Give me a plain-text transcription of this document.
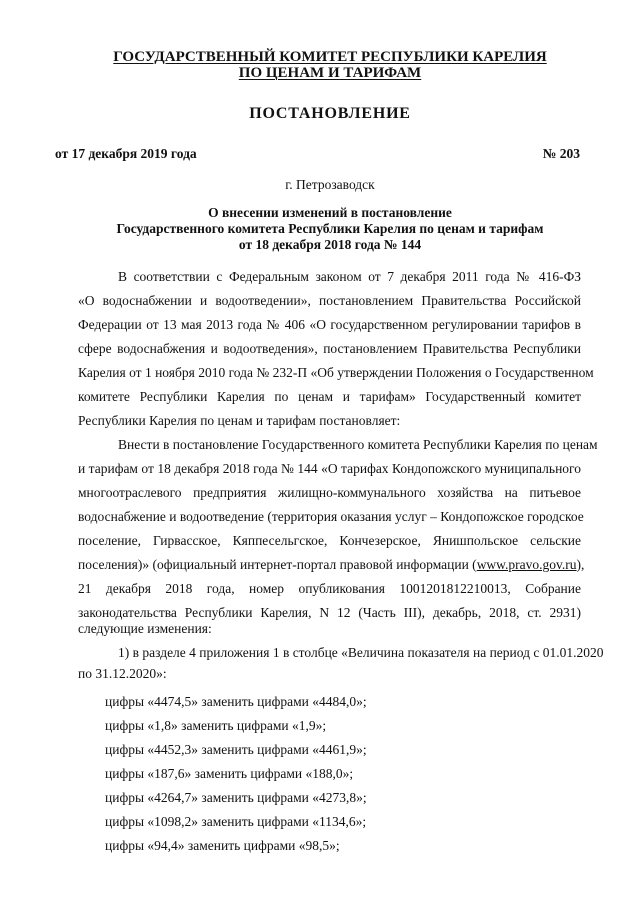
ГОСУДАРСТВЕННЫЙ КОМИТЕТ РЕСПУБЛИКИ КАРЕЛИЯ
ПО ЦЕНАМ И ТАРИФАМ
ПОСТАНОВЛЕНИЕ
от 17 декабря 2019 года	№ 203
г. Петрозаводск
О внесении изменений в постановление
Государственного комитета Республики Карелия по ценам и тарифам
от 18 декабря 2018 года № 144
В соответствии с Федеральным законом от 7 декабря 2011 года № 416-ФЗ
«О водоснабжении и водоотведении», постановлением Правительства Российской
Федерации от 13 мая 2013 года № 406 «О государственном регулировании тарифов в
сфере водоснабжения и водоотведения», постановлением Правительства Республики
Карелия от 1 ноября 2010 года № 232-П «Об утверждении Положения о Государственном
комитете Республики Карелия по ценам и тарифам» Государственный комитет
Республики Карелия по ценам и тарифам постановляет:
Внести в постановление Государственного комитета Республики Карелия по ценам
и тарифам от 18 декабря 2018 года № 144 «О тарифах Кондопожского муниципального
многоотраслевого предприятия жилищно-коммунального хозяйства на питьевое
водоснабжение и водоотведение (территория оказания услуг – Кондопожское городское
поселение, Гирвасское, Кяппесельгское, Кончезерское, Янишпольское сельские
поселения)» (официальный интернет-портал правовой информации (www.pravo.gov.ru),
21 декабря 2018 года, номер опубликования 1001201812210013, Собрание
законодательства Республики Карелия, N 12 (Часть III), декабрь, 2018, ст. 2931)
следующие изменения:
1) в разделе 4 приложения 1 в столбце «Величина показателя на период с 01.01.2020
по 31.12.2020»:
цифры «4474,5» заменить цифрами «4484,0»;
цифры «1,8» заменить цифрами «1,9»;
цифры «4452,3» заменить цифрами «4461,9»;
цифры «187,6» заменить цифрами «188,0»;
цифры «4264,7» заменить цифрами «4273,8»;
цифры «1098,2» заменить цифрами «1134,6»;
цифры «94,4» заменить цифрами «98,5»;
